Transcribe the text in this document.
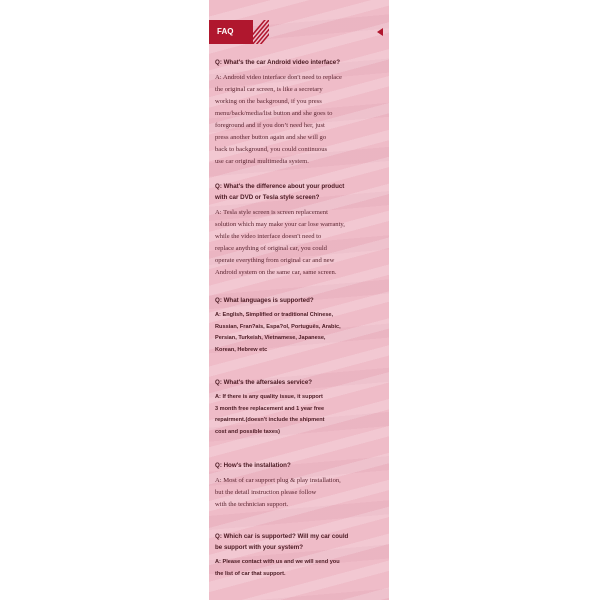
FAQ
Q: What's the car Android video interface?
A: Android video interface don't need to replace
the original car screen, is like a secretary
working on the background, if you press
menu/back/media/list button and she goes to
foreground and if you don’t need her, just
press another button again and she will go
back to background, you could continuous
use car original multimedia system.
Q: What's the difference about your product
with car DVD or Tesla style screen?
A: Tesla style screen is screen replacement
solution which may make your car lose warranty,
while the video interface doesn't need to
replace anything of original car, you could
operate everything from original car and new
Android system on the same car, same screen.
Q: What languages is supported?
A: English, Simplified or traditional Chinese,
Russian, Fran?ais, Espa?ol, Português, Arabic,
Persian, Turkeish, Vietnamese, Japanese,
Korean, Hebrew etc
Q: What's the aftersales service?
A: If there is any quality issue, it support
3 month free replacement and 1 year free
repairment.(doesn't include the shipment
cost and possible taxes)
Q: How's the installation?
A: Most of car support plug & play installation,
but the detail instruction please follow
with the technician support.
Q: Which car is supported? Will my car could
be support with your system?
A: Please contact with us and we will send you
the list of car that support.
